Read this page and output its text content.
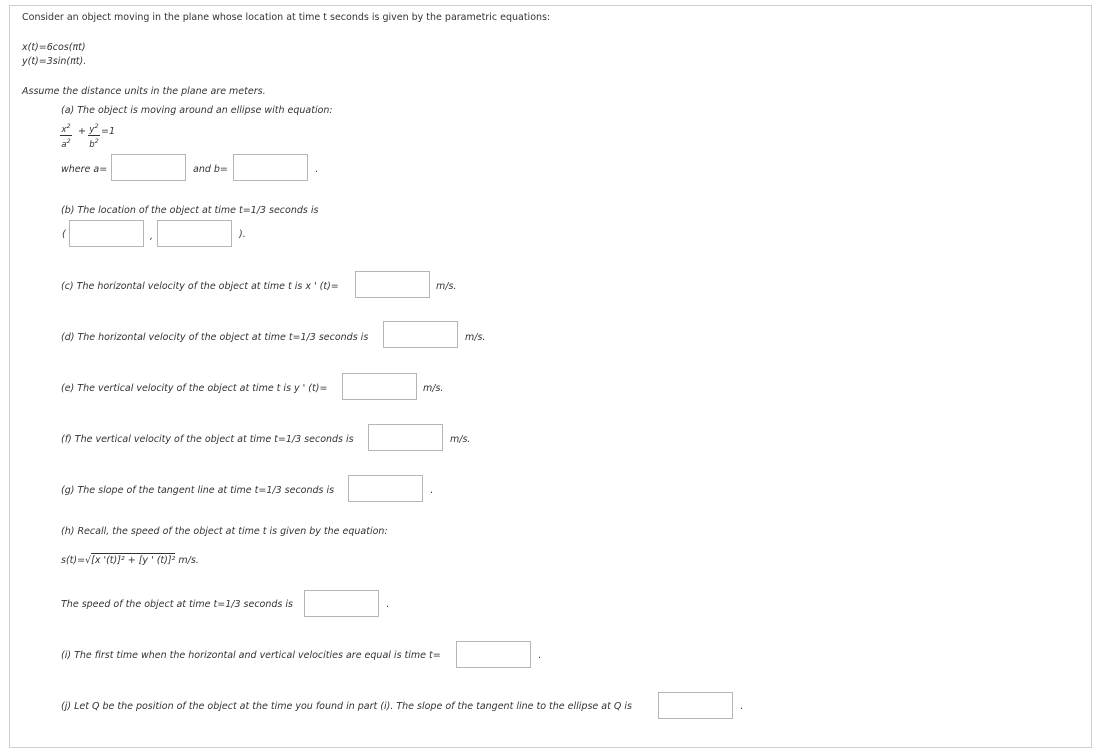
Consider an object moving in the plane whose location at time t seconds is given by the parametric equations:
x(t)=6cos(πt)
y(t)=3sin(πt).
Assume the distance units in the plane are meters.
(a) The object is moving around an ellipse with equation:
$x^2$
$a^2$
+ $y^2$
$b^2$
=1
where a=	and b=	.
(b) The location of the object at time t=1/3 seconds is
(	,	).
(c) The horizontal velocity of the object at time t is x ' (t)=	m/s.
(d) The horizontal velocity of the object at time t=1/3 seconds is	m/s.
(e) The vertical velocity of the object at time t is y ' (t)=	m/s.
(f) The vertical velocity of the object at time t=1/3 seconds is	m/s.
(g) The slope of the tangent line at time t=1/3 seconds is	.
(h) Recall, the speed of the object at time t is given by the equation:
s(t)=√[x '(t)]² + [y ' (t)]² m/s.
The speed of the object at time t=1/3 seconds is	.
(i) The first time when the horizontal and vertical velocities are equal is time t=	.
(j) Let Q be the position of the object at the time you found in part (i). The slope of the tangent line to the ellipse at Q is	.
